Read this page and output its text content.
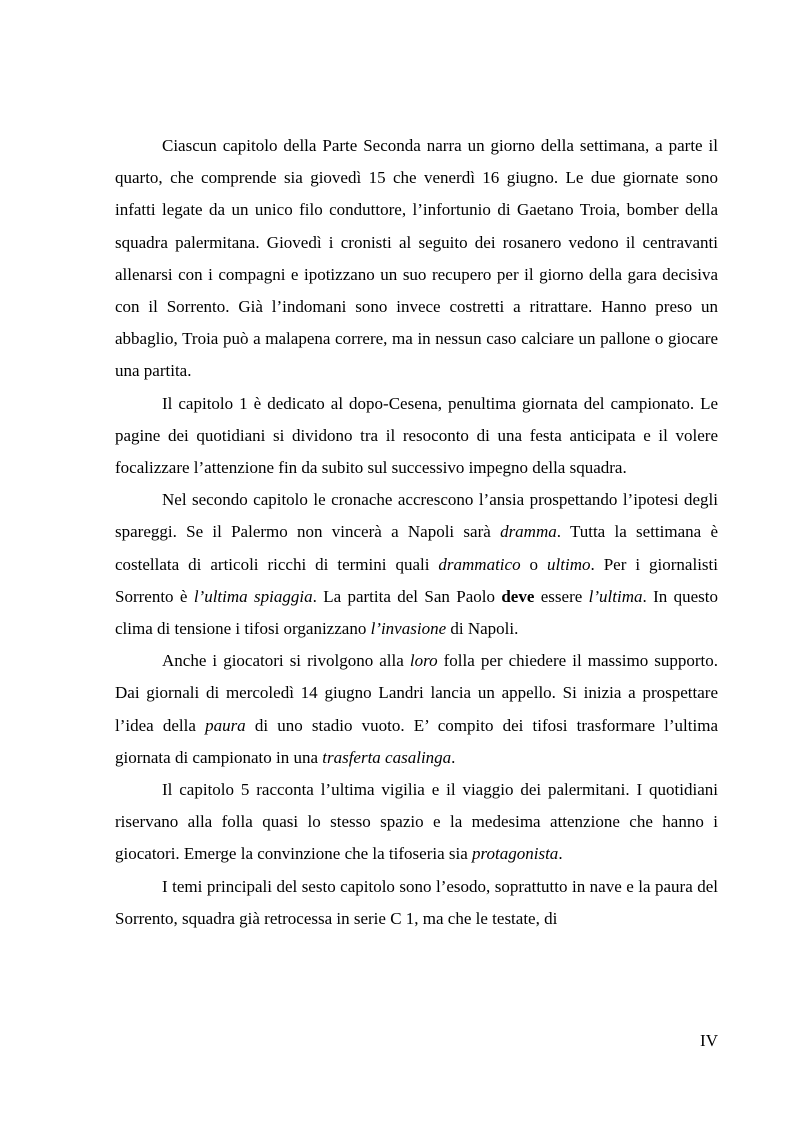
Ciascun capitolo della Parte Seconda narra un giorno della settimana, a parte il quarto, che comprende sia giovedì 15 che venerdì 16 giugno. Le due giornate sono infatti legate da un unico filo conduttore, l’infortunio di Gaetano Troia, bomber della squadra palermitana. Giovedì i cronisti al seguito dei rosanero vedono il centravanti allenarsi con i compagni e ipotizzano un suo recupero per il giorno della gara decisiva con il Sorrento. Già l’indomani sono invece costretti a ritrattare. Hanno preso un abbaglio, Troia può a malapena correre, ma in nessun caso calciare un pallone o giocare una partita.

Il capitolo 1 è dedicato al dopo-Cesena, penultima giornata del campionato. Le pagine dei quotidiani si dividono tra il resoconto di una festa anticipata e il volere focalizzare l’attenzione fin da subito sul successivo impegno della squadra.

Nel secondo capitolo le cronache accrescono l’ansia prospettando l’ipotesi degli spareggi. Se il Palermo non vincerà a Napoli sarà dramma. Tutta la settimana è costellata di articoli ricchi di termini quali drammatico o ultimo. Per i giornalisti Sorrento è l’ultima spiaggia. La partita del San Paolo deve essere l’ultima. In questo clima di tensione i tifosi organizzano l’invasione di Napoli.

Anche i giocatori si rivolgono alla loro folla per chiedere il massimo supporto. Dai giornali di mercoledì 14 giugno Landri lancia un appello. Si inizia a prospettare l’idea della paura di uno stadio vuoto. E’ compito dei tifosi trasformare l’ultima giornata di campionato in una trasferta casalinga.

Il capitolo 5 racconta l’ultima vigilia e il viaggio dei palermitani. I quotidiani riservano alla folla quasi lo stesso spazio e la medesima attenzione che hanno i giocatori. Emerge la convinzione che la tifoseria sia protagonista.

I temi principali del sesto capitolo sono l’esodo, soprattutto in nave e la paura del Sorrento, squadra già retrocessa in serie C 1, ma che le testate, di

IV
